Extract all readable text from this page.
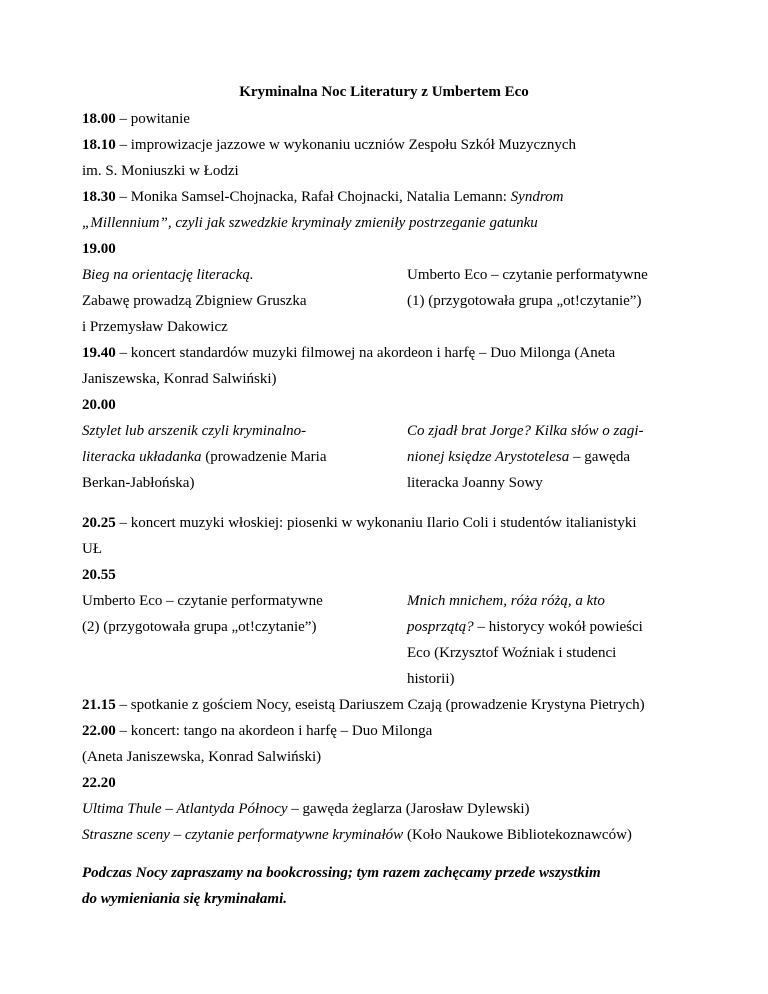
Kryminalna Noc Literatury z Umbertem Eco
18.00 – powitanie
18.10 – improwizacje jazzowe w wykonaniu uczniów Zespołu Szkół Muzycznych
im. S. Moniuszki w Łodzi
18.30 – Monika Samsel-Chojnacka, Rafał Chojnacki, Natalia Lemann: Syndrom
„Millennium”, czyli jak szwedzkie kryminały zmieniły postrzeganie gatunku
19.00
Bieg na orientację literacką.
Zabawę prowadzą Zbigniew Gruszka
i Przemysław Dakowicz
Umberto Eco – czytanie performatywne
(1) (przygotowała grupa „ot!czytanie”)
19.40 – koncert standardów muzyki filmowej na akordeon i harfę – Duo Milonga (Aneta
Janiszewska, Konrad Salwiński)
20.00
Sztylet lub arszenik czyli kryminalno-
literacka układanka (prowadzenie Maria
Berkan-Jabłońska)
Co zjadł brat Jorge? Kilka słów o zagi-
nionej księdze Arystotelesa – gawęda
literacka Joanny Sowy
20.25 – koncert muzyki włoskiej: piosenki w wykonaniu Ilario Coli i studentów italianistyki
UŁ
20.55
Umberto Eco – czytanie performatywne
(2) (przygotowała grupa „ot!czytanie”)
Mnich mnichem, róża różą, a kto
posprzątą? – historycy wokół powieści
Eco (Krzysztof Woźniak i studenci
historii)
21.15 – spotkanie z gościem Nocy, eseistą Dariuszem Czają (prowadzenie Krystyna Pietrych)
22.00 – koncert: tango na akordeon i harfę – Duo Milonga
(Aneta Janiszewska, Konrad Salwiński)
22.20
Ultima Thule – Atlantyda Północy – gawęda żeglarza (Jarosław Dylewski)
Straszne sceny – czytanie performatywne kryminałów (Koło Naukowe Bibliotekoznawców)
Podczas Nocy zapraszamy na bookcrossing; tym razem zachęcamy przede wszystkim
do wymieniania się kryminałami.
